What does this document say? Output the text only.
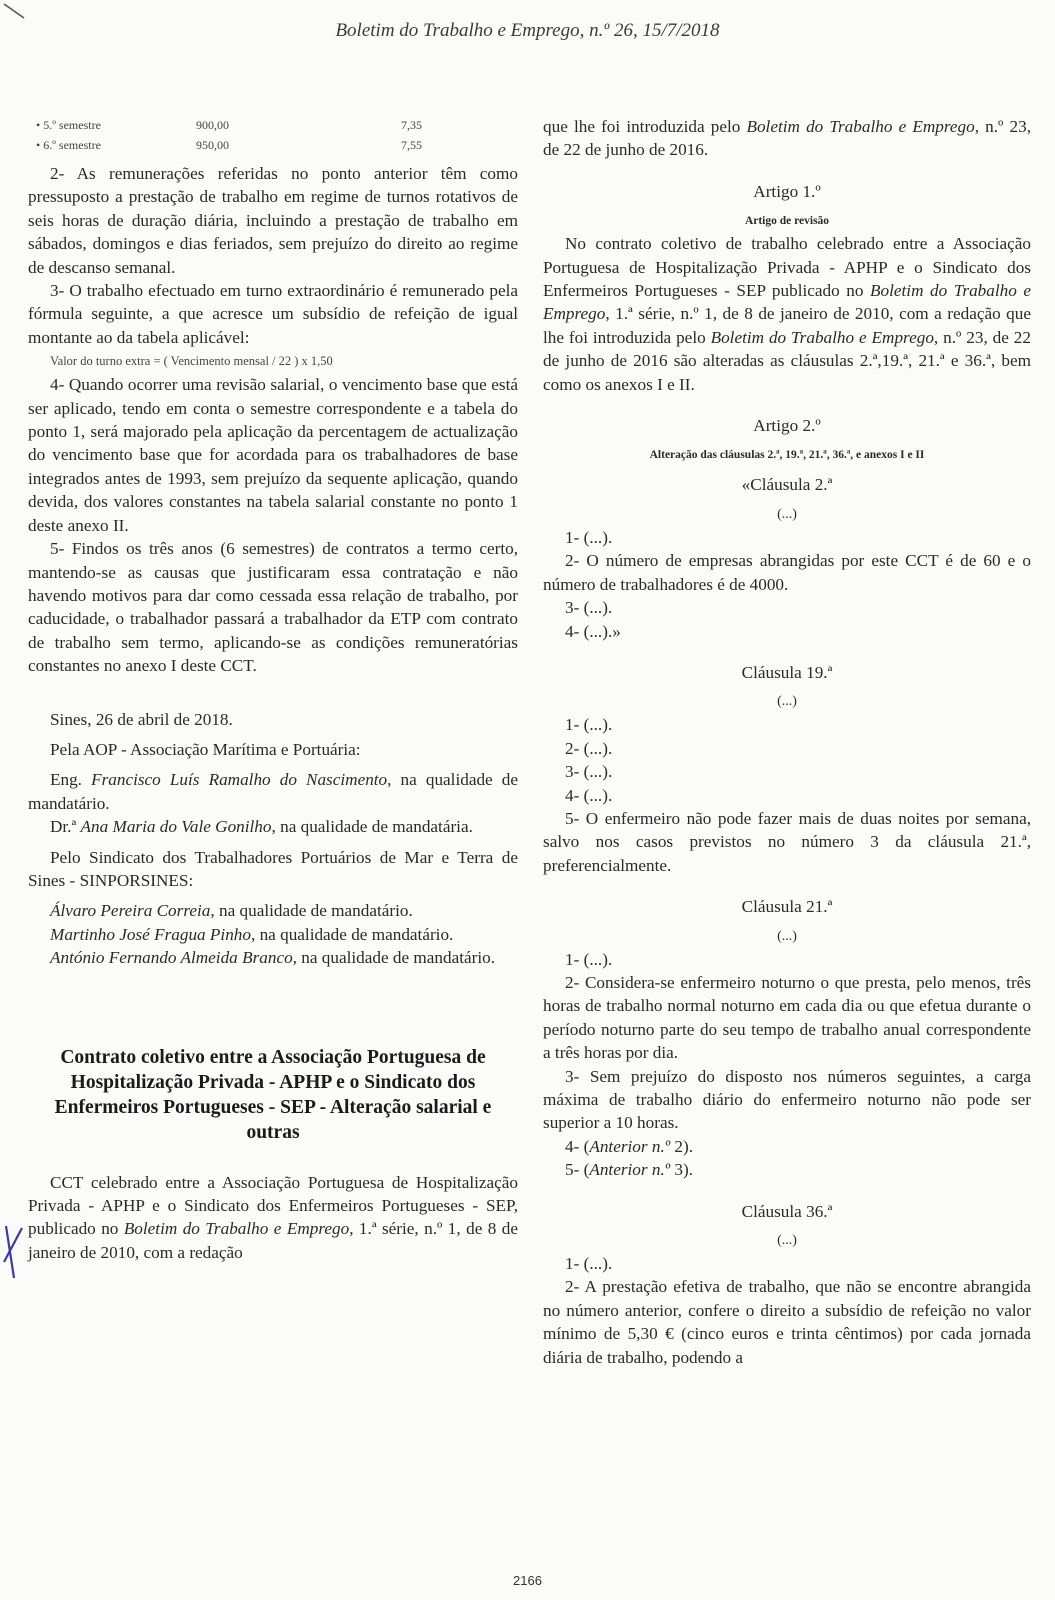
Boletim do Trabalho e Emprego, n.º 26, 15/7/2018
• 5.º semestre	900,00	7,35
• 6.º semestre	950,00	7,55

2- As remunerações referidas no ponto anterior têm como pressuposto a prestação de trabalho em regime de turnos rotativos de seis horas de duração diária, incluindo a prestação de trabalho em sábados, domingos e dias feriados, sem prejuízo do direito ao regime de descanso semanal.

3- O trabalho efectuado em turno extraordinário é remunerado pela fórmula seguinte, a que acresce um subsídio de refeição de igual montante ao da tabela aplicável:

Valor do turno extra = ( Vencimento mensal / 22 ) x 1,50

4- Quando ocorrer uma revisão salarial, o vencimento base que está ser aplicado, tendo em conta o semestre correspondente e a tabela do ponto 1, será majorado pela aplicação da percentagem de actualização do vencimento base que for acordada para os trabalhadores de base integrados antes de 1993, sem prejuízo da sequente aplicação, quando devida, dos valores constantes na tabela salarial constante no ponto 1 deste anexo II.

5- Findos os três anos (6 semestres) de contratos a termo certo, mantendo-se as causas que justificaram essa contratação e não havendo motivos para dar como cessada essa relação de trabalho, por caducidade, o trabalhador passará a trabalhador da ETP com contrato de trabalho sem termo, aplicando-se as condições remuneratórias constantes no anexo I deste CCT.

Sines, 26 de abril de 2018.

Pela AOP - Associação Marítima e Portuária:

Eng. Francisco Luís Ramalho do Nascimento, na qualidade de mandatário.

Dr.ª Ana Maria do Vale Gonilho, na qualidade de mandatária.

Pelo Sindicato dos Trabalhadores Portuários de Mar e Terra de Sines - SINPORSINES:

Álvaro Pereira Correia, na qualidade de mandatário.

Martinho José Fragua Pinho, na qualidade de mandatário.

António Fernando Almeida Branco, na qualidade de mandatário.

Contrato coletivo entre a Associação Portuguesa de Hospitalização Privada - APHP e o Sindicato dos Enfermeiros Portugueses - SEP - Alteração salarial e outras

CCT celebrado entre a Associação Portuguesa de Hospitalização Privada - APHP e o Sindicato dos Enfermeiros Portugueses - SEP, publicado no Boletim do Trabalho e Emprego, 1.ª série, n.º 1, de 8 de janeiro de 2010, com a redação

que lhe foi introduzida pelo Boletim do Trabalho e Emprego, n.º 23, de 22 de junho de 2016.

Artigo 1.º

Artigo de revisão

No contrato coletivo de trabalho celebrado entre a Associação Portuguesa de Hospitalização Privada - APHP e o Sindicato dos Enfermeiros Portugueses - SEP publicado no Boletim do Trabalho e Emprego, 1.ª série, n.º 1, de 8 de janeiro de 2010, com a redação que lhe foi introduzida pelo Boletim do Trabalho e Emprego, n.º 23, de 22 de junho de 2016 são alteradas as cláusulas 2.ª,19.ª, 21.ª e 36.ª, bem como os anexos I e II.

Artigo 2.º

Alteração das cláusulas 2.ª, 19.ª, 21.ª, 36.ª, e anexos I e II

«Cláusula 2.ª

(...)

1- (...).

2- O número de empresas abrangidas por este CCT é de 60 e o número de trabalhadores é de 4000.

3- (...).

4- (...).»

Cláusula 19.ª

(...)

1- (...).

2- (...).

3- (...).

4- (...).

5- O enfermeiro não pode fazer mais de duas noites por semana, salvo nos casos previstos no número 3 da cláusula 21.ª, preferencialmente.

Cláusula 21.ª

(...)

1- (...).

2- Considera-se enfermeiro noturno o que presta, pelo menos, três horas de trabalho normal noturno em cada dia ou que efetua durante o período noturno parte do seu tempo de trabalho anual correspondente a três horas por dia.

3- Sem prejuízo do disposto nos números seguintes, a carga máxima de trabalho diário do enfermeiro noturno não pode ser superior a 10 horas.

4- (Anterior n.º 2).

5- (Anterior n.º 3).

Cláusula 36.ª

(...)

1- (...).

2- A prestação efetiva de trabalho, que não se encontre abrangida no número anterior, confere o direito a subsídio de refeição no valor mínimo de 5,30 € (cinco euros e trinta cêntimos) por cada jornada diária de trabalho, podendo a

2166
